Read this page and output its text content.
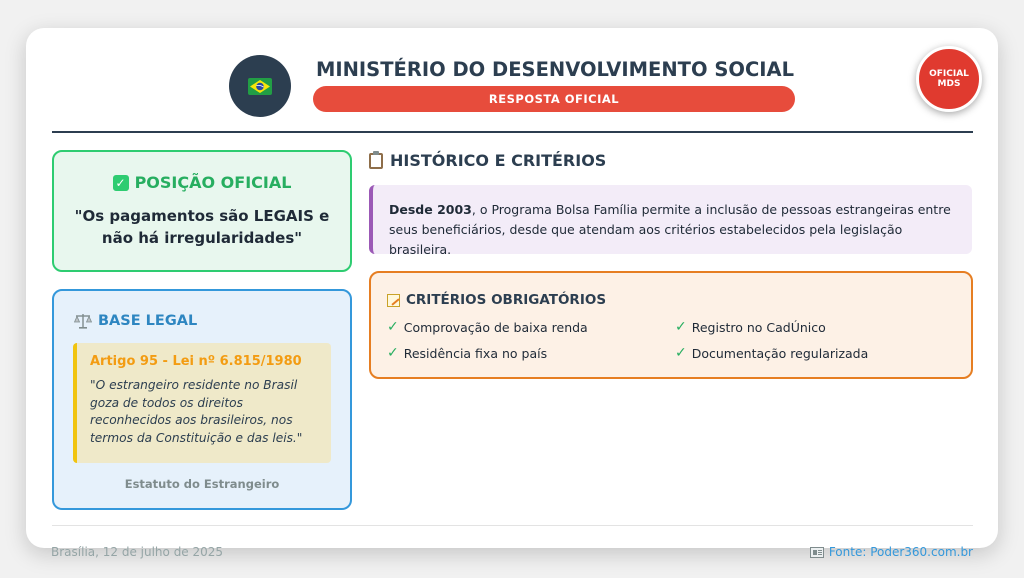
MINISTÉRIO DO DESENVOLVIMENTO SOCIAL
RESPOSTA OFICIAL
OFICIAL
MDS
✓ POSIÇÃO OFICIAL
"Os pagamentos são LEGAIS e não há irregularidades"
BASE LEGAL
Artigo 95 - Lei nº 6.815/1980
"O estrangeiro residente no Brasil goza de todos os direitos reconhecidos aos brasileiros, nos termos da Constituição e das leis."
Estatuto do Estrangeiro
HISTÓRICO E CRITÉRIOS
Desde 2003, o Programa Bolsa Família permite a inclusão de pessoas estrangeiras entre seus beneficiários, desde que atendam aos critérios estabelecidos pela legislação brasileira.
CRITÉRIOS OBRIGATÓRIOS
✓ Comprovação de baixa renda	✓ Registro no CadÚnico
✓ Residência fixa no país	✓ Documentação regularizada
Brasília, 12 de julho de 2025	Fonte: Poder360.com.br
